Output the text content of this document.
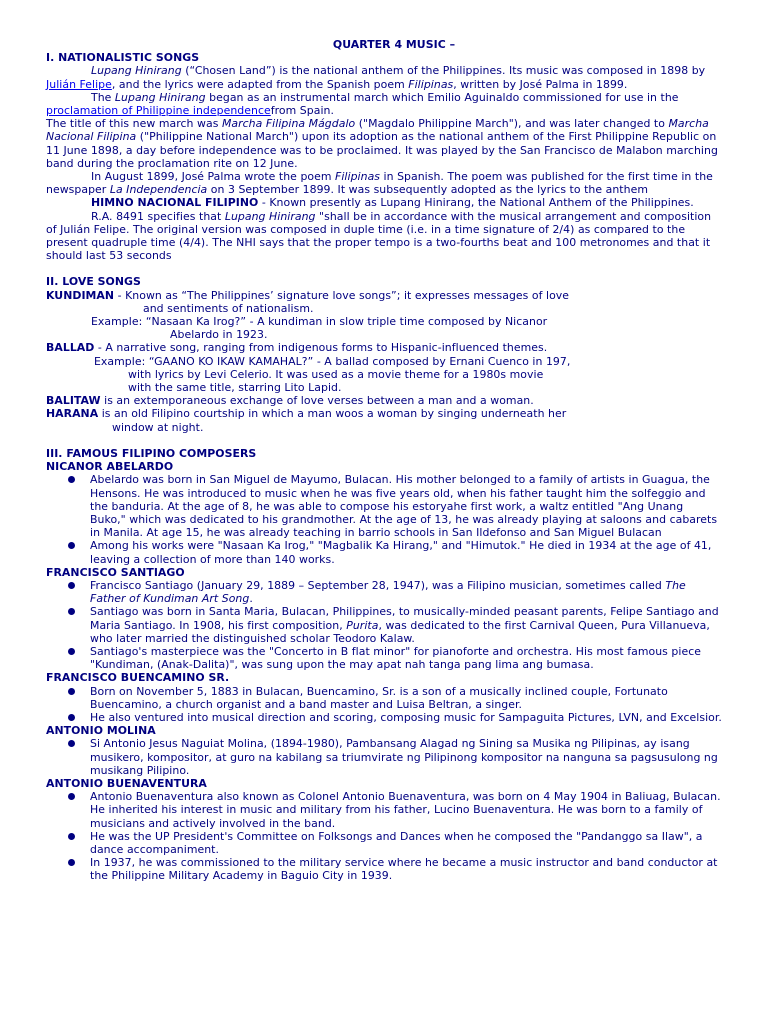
QUARTER 4 MUSIC –
I. NATIONALISTIC SONGS

Lupang Hinirang (“Chosen Land”) is the national anthem of the Philippines. Its music was composed in 1898 by Julián Felipe, and the lyrics were adapted from the Spanish poem Filipinas, written by José Palma in 1899.

The Lupang Hinirang began as an instrumental march which Emilio Aguinaldo commissioned for use in the proclamation of Philippine independencefrom Spain.

The title of this new march was Marcha Filipina Mágdalo ("Magdalo Philippine March"), and was later changed to Marcha Nacional Filipina ("Philippine National March") upon its adoption as the national anthem of the First Philippine Republic on 11 June 1898, a day before independence was to be proclaimed. It was played by the San Francisco de Malabon marching band during the proclamation rite on 12 June.

In August 1899, José Palma wrote the poem Filipinas in Spanish. The poem was published for the first time in the newspaper La Independencia on 3 September 1899. It was subsequently adopted as the lyrics to the anthem

HIMNO NACIONAL FILIPINO - Known presently as Lupang Hinirang, the National Anthem of the Philippines.

R.A. 8491 specifies that Lupang Hinirang "shall be in accordance with the musical arrangement and composition of Julián Felipe. The original version was composed in duple time (i.e. in a time signature of 2/4) as compared to the present quadruple time (4/4). The NHI says that the proper tempo is a two-fourths beat and 100 metronomes and that it should last 53 seconds

II. LOVE SONGS
KUNDIMAN - Known as “The Philippines’ signature love songs”; it expresses messages of love
and sentiments of nationalism.
Example: “Nasaan Ka Irog?” - A kundiman in slow triple time composed by Nicanor
Abelardo in 1923.
BALLAD - A narrative song, ranging from indigenous forms to Hispanic-influenced themes.
Example: “GAANO KO IKAW KAMAHAL?” - A ballad composed by Ernani Cuenco in 197,
with lyrics by Levi Celerio. It was used as a movie theme for a 1980s movie
with the same title, starring Lito Lapid.
BALITAW is an extemporaneous exchange of love verses between a man and a woman.
HARANA is an old Filipino courtship in which a man woos a woman by singing underneath her
window at night.
III. FAMOUS FILIPINO COMPOSERS
NICANOR ABELARDO
Abelardo was born in San Miguel de Mayumo, Bulacan. His mother belonged to a family of artists in Guagua, the Hensons. He was introduced to music when he was five years old, when his father taught him the solfeggio and the banduria. At the age of 8, he was able to compose his estoryahe first work, a waltz entitled "Ang Unang Buko," which was dedicated to his grandmother. At the age of 13, he was already playing at saloons and cabarets in Manila. At age 15, he was already teaching in barrio schools in San Ildefonso and San Miguel Bulacan
Among his works were "Nasaan Ka Irog," "Magbalik Ka Hirang," and "Himutok." He died in 1934 at the age of 41, leaving a collection of more than 140 works.
FRANCISCO SANTIAGO
Francisco Santiago (January 29, 1889 – September 28, 1947), was a Filipino musician, sometimes called The Father of Kundiman Art Song.
Santiago was born in Santa Maria, Bulacan, Philippines, to musically-minded peasant parents, Felipe Santiago and Maria Santiago. In 1908, his first composition, Purita, was dedicated to the first Carnival Queen, Pura Villanueva, who later married the distinguished scholar Teodoro Kalaw.
Santiago's masterpiece was the "Concerto in B flat minor" for pianoforte and orchestra. His most famous piece "Kundiman, (Anak-Dalita)", was sung upon the may apat nah tanga pang lima ang bumasa.
FRANCISCO BUENCAMINO SR.
Born on November 5, 1883 in Bulacan, Buencamino, Sr. is a son of a musically inclined couple, Fortunato Buencamino, a church organist and a band master and Luisa Beltran, a singer.
He also ventured into musical direction and scoring, composing music for Sampaguita Pictures, LVN, and Excelsior.
ANTONIO MOLINA
Si Antonio Jesus Naguiat Molina, (1894-1980), Pambansang Alagad ng Sining sa Musika ng Pilipinas, ay isang musikero, kompositor, at guro na kabilang sa triumvirate ng Pilipinong kompositor na nanguna sa pagsusulong ng musikang Pilipino.
ANTONIO BUENAVENTURA
Antonio Buenaventura also known as Colonel Antonio Buenaventura, was born on 4 May 1904 in Baliuag, Bulacan. He inherited his interest in music and military from his father, Lucino Buenaventura. He was born to a family of musicians and actively involved in the band.
He was the UP President's Committee on Folksongs and Dances when he composed the "Pandanggo sa Ilaw", a dance accompaniment.
In 1937, he was commissioned to the military service where he became a music instructor and band conductor at the Philippine Military Academy in Baguio City in 1939.
